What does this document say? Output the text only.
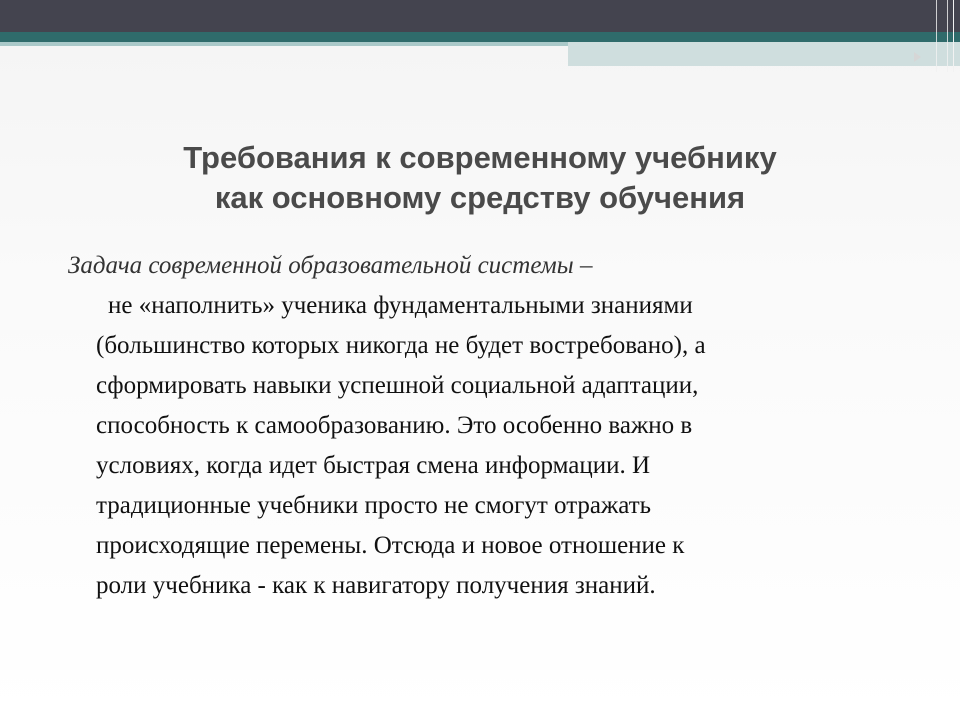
Требования к современному учебнику
как основному средству обучения
Задача современной образовательной системы –
не «наполнить» ученика фундаментальными знаниями
(большинство которых никогда не будет востребовано), а
сформировать навыки успешной социальной адаптации,
способность к самообразованию. Это особенно важно в
условиях, когда идет быстрая смена информации. И
традиционные учебники просто не смогут отражать
происходящие перемены. Отсюда и новое отношение к
роли учебника - как к навигатору получения знаний.
